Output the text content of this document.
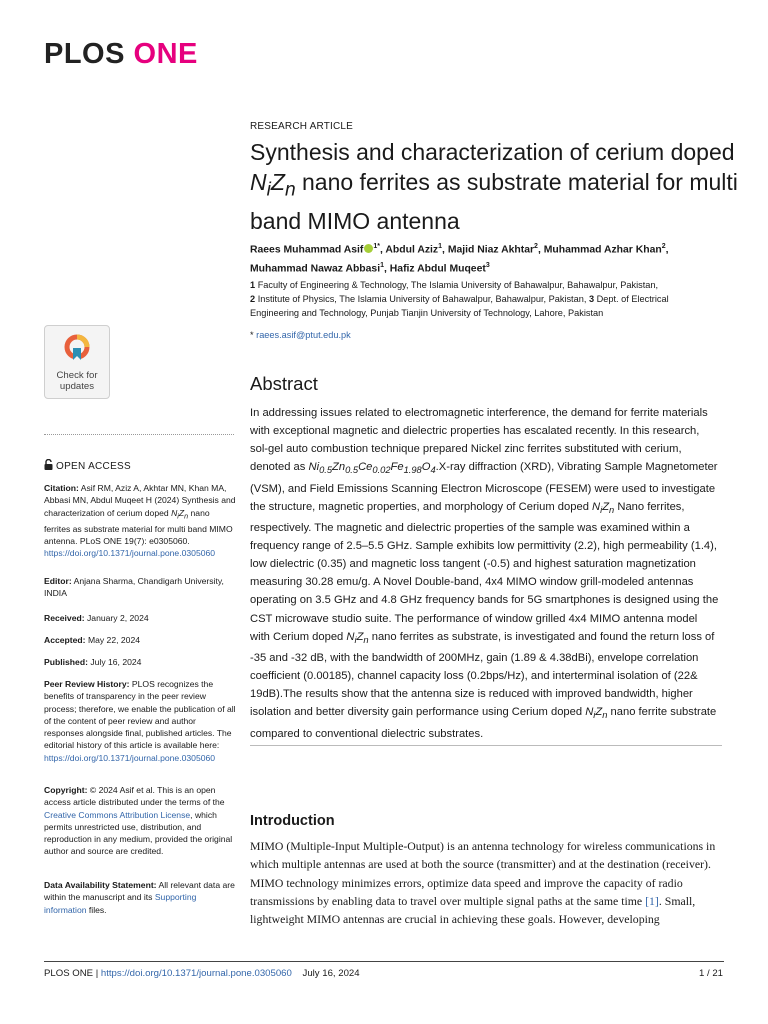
PLOS ONE
RESEARCH ARTICLE
Synthesis and characterization of cerium doped $N_iZ_n$ nano ferrites as substrate material for multi band MIMO antenna
Raees Muhammad Asif $^{1*}$, Abdul Aziz$^1$, Majid Niaz Akhtar$^2$, Muhammad Azhar Khan$^2$, Muhammad Nawaz Abbasi$^1$, Hafiz Abdul Muqeet$^3$
1 Faculty of Engineering & Technology, The Islamia University of Bahawalpur, Bahawalpur, Pakistan,
2 Institute of Physics, The Islamia University of Bahawalpur, Bahawalpur, Pakistan, 3 Dept. of Electrical Engineering and Technology, Punjab Tianjin University of Technology, Lahore, Pakistan
* raees.asif@ptut.edu.pk
Check for
updates
OPEN ACCESS
Citation: Asif RM, Aziz A, Akhtar MN, Khan MA, Abbasi MN, Abdul Muqeet H (2024) Synthesis and characterization of cerium doped $N_iZ_n$ nano ferrites as substrate material for multi band MIMO antenna. PLoS ONE 19(7): e0305060. https://doi.org/10.1371/journal.pone.0305060
Editor: Anjana Sharma, Chandigarh University, INDIA
Received: January 2, 2024
Accepted: May 22, 2024
Published: July 16, 2024
Peer Review History: PLOS recognizes the benefits of transparency in the peer review process; therefore, we enable the publication of all of the content of peer review and author responses alongside final, published articles. The editorial history of this article is available here: https://doi.org/10.1371/journal.pone.0305060
Copyright: © 2024 Asif et al. This is an open access article distributed under the terms of the Creative Commons Attribution License, which permits unrestricted use, distribution, and reproduction in any medium, provided the original author and source are credited.
Data Availability Statement: All relevant data are within the manuscript and its Supporting information files.
Abstract

In addressing issues related to electromagnetic interference, the demand for ferrite materials with exceptional magnetic and dielectric properties has escalated recently. In this research, sol-gel auto combustion technique prepared Nickel zinc ferrites substituted with cerium, denoted as $Ni_{0.5}Zn_{0.5}Ce_{0.02}Fe_{1.98}O_4.X$-ray diffraction (XRD), Vibrating Sample Magnetometer (VSM), and Field Emissions Scanning Electron Microscope (FESEM) were used to investigate the structure, magnetic properties, and morphology of Cerium doped $N_iZ_n$ Nano ferrites, respectively. The magnetic and dielectric properties of the sample was examined within a frequency range of 2.5–5.5 GHz. Sample exhibits low permittivity (2.2), high permeability (1.4), low dielectric (0.35) and magnetic loss tangent (-0.5) and highest saturation magnetization measuring 30.28 emu/g. A Novel Double-band, 4x4 MIMO window grill-modeled antennas operating on 3.5 GHz and 4.8 GHz frequency bands for 5G smartphones is designed using the CST microwave studio suite. The performance of window grilled 4x4 MIMO antenna model with Cerium doped $N_iZ_n$ nano ferrites as substrate, is investigated and found the return loss of -35 and -32 dB, with the bandwidth of 200MHz, gain (1.89 & 4.38dBi), envelope correlation coefficient (0.00185), channel capacity loss (0.2bps/Hz), and interterminal isolation of (22& 19dB).The results show that the antenna size is reduced with improved bandwidth, higher isolation and better diversity gain performance using Cerium doped $N_iZ_n$ nano ferrite substrate compared to conventional dielectric substrates.

Introduction

MIMO (Multiple-Input Multiple-Output) is an antenna technology for wireless communications in which multiple antennas are used at both the source (transmitter) and at the destination (receiver). MIMO technology minimizes errors, optimize data speed and improve the capacity of radio transmissions by enabling data to travel over multiple signal paths at the same time [1]. Small, lightweight MIMO antennas are crucial in achieving these goals. However, developing

PLOS ONE | https://doi.org/10.1371/journal.pone.0305060 July 16, 2024	1 / 21
